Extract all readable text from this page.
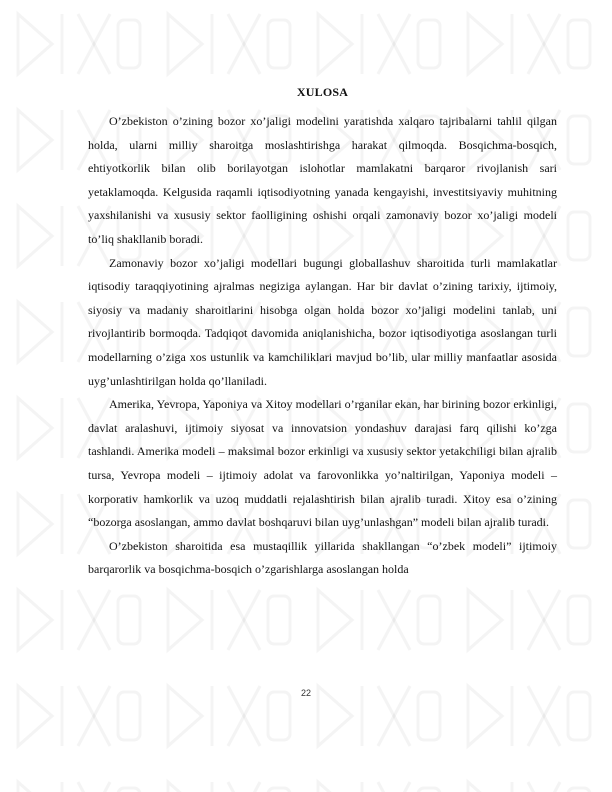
XULOSA

O’zbekiston o’zining bozor xo’jaligi modelini yaratishda xalqaro tajribalarni tahlil qilgan holda, ularni milliy sharoitga moslashtirishga harakat qilmoqda. Bosqichma-bosqich, ehtiyotkorlik bilan olib borilayotgan islohotlar mamlakatni barqaror rivojlanish sari yetaklamoqda. Kelgusida raqamli iqtisodiyotning yanada kengayishi, investitsiyaviy muhitning yaxshilanishi va xususiy sektor faolligining oshishi orqali zamonaviy bozor xo’jaligi modeli to’liq shakllanib boradi.

Zamonaviy bozor xo’jaligi modellari bugungi globallashuv sharoitida turli mamlakatlar iqtisodiy taraqqiyotining ajralmas negiziga aylangan. Har bir davlat o’zining tarixiy, ijtimoiy, siyosiy va madaniy sharoitlarini hisobga olgan holda bozor xo’jaligi modelini tanlab, uni rivojlantirib bormoqda. Tadqiqot davomida aniqlanishicha, bozor iqtisodiyotiga asoslangan turli modellarning o’ziga xos ustunlik va kamchiliklari mavjud bo’lib, ular milliy manfaatlar asosida uyg’unlashtirilgan holda qo’llaniladi.

Amerika, Yevropa, Yaponiya va Xitoy modellari o’rganilar ekan, har birining bozor erkinligi, davlat aralashuvi, ijtimoiy siyosat va innovatsion yondashuv darajasi farq qilishi ko’zga tashlandi. Amerika modeli – maksimal bozor erkinligi va xususiy sektor yetakchiligi bilan ajralib tursa, Yevropa modeli – ijtimoiy adolat va farovonlikka yo’naltirilgan, Yaponiya modeli – korporativ hamkorlik va uzoq muddatli rejalashtirish bilan ajralib turadi. Xitoy esa o’zining “bozorga asoslangan, ammo davlat boshqaruvi bilan uyg’unlashgan” modeli bilan ajralib turadi.

O’zbekiston sharoitida esa mustaqillik yillarida shakllangan “o’zbek modeli” ijtimoiy barqarorlik va bosqichma-bosqich o’zgarishlarga asoslangan holda

22
